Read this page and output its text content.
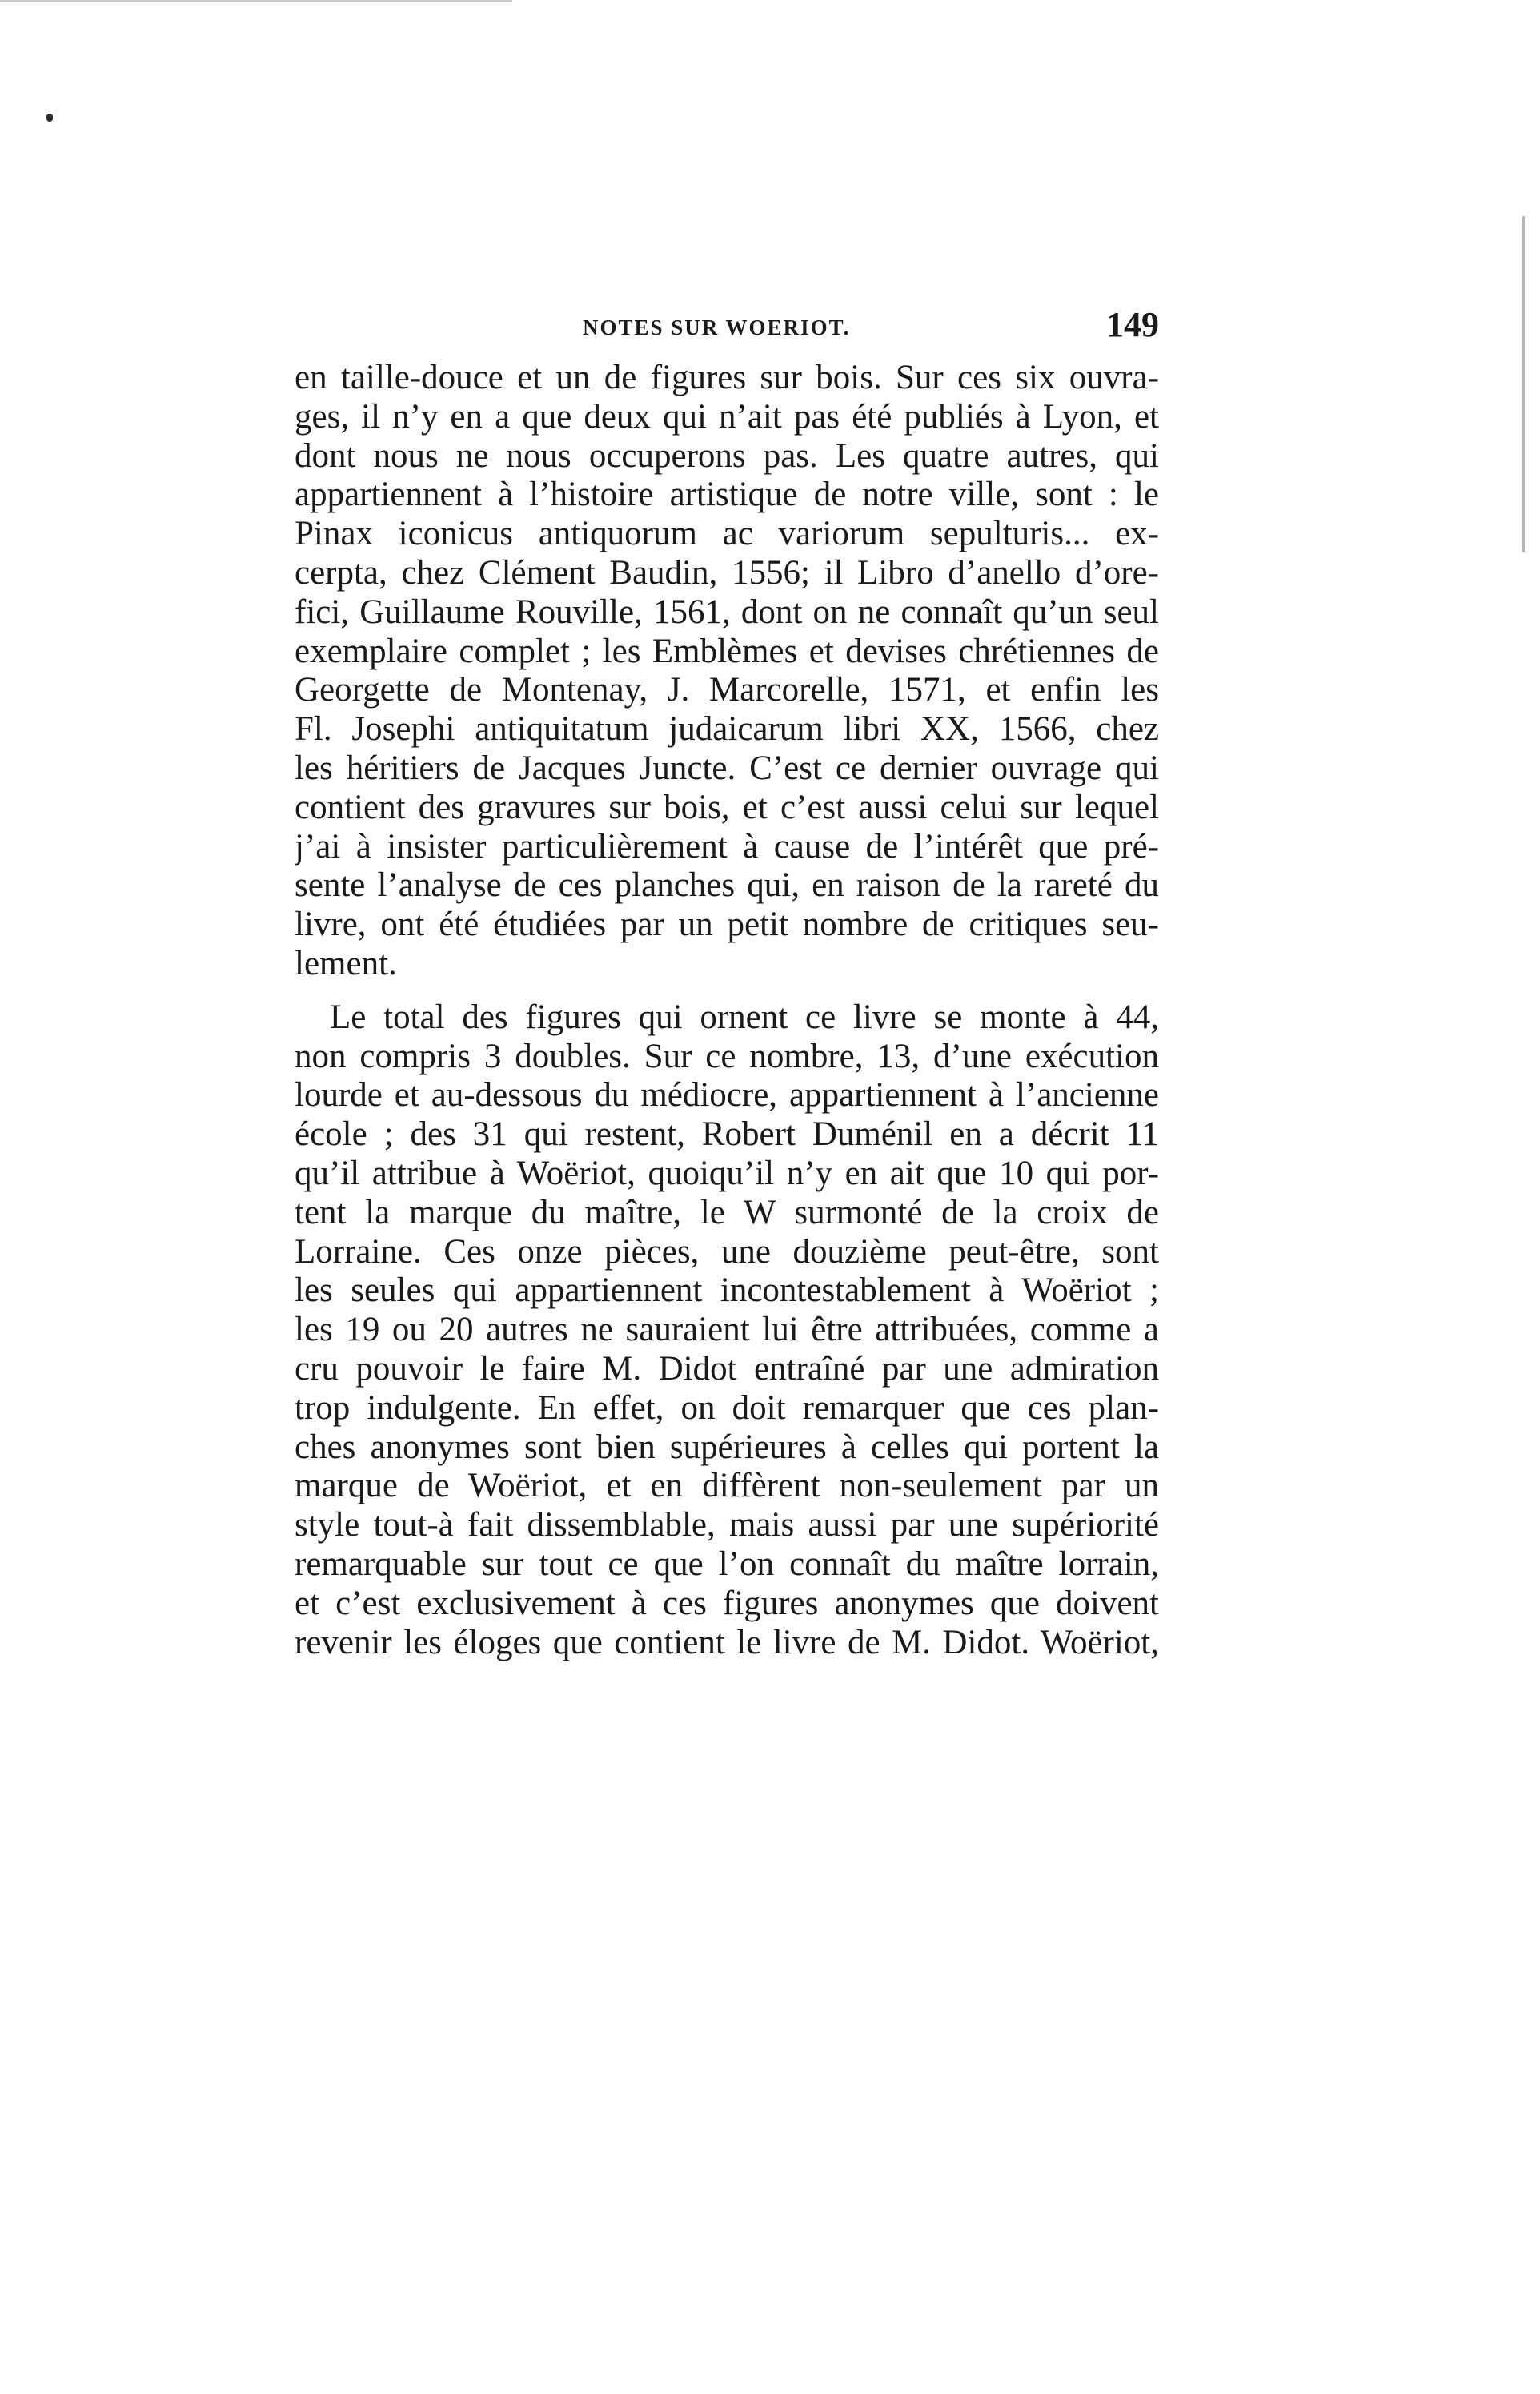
NOTES SUR WOERIOT.	149
en taille-douce et un de figures sur bois. Sur ces six ouvra-
ges, il n’y en a que deux qui n’ait pas été publiés à Lyon, et
dont nous ne nous occuperons pas. Les quatre autres, qui
appartiennent à l’histoire artistique de notre ville, sont : le
Pinax iconicus antiquorum ac variorum sepulturis... ex-
cerpta, chez Clément Baudin, 1556; il Libro d’anello d’ore-
fici, Guillaume Rouville, 1561, dont on ne connaît qu’un seul
exemplaire complet ; les Emblèmes et devises chrétiennes de
Georgette de Montenay, J. Marcorelle, 1571, et enfin les
Fl. Josephi antiquitatum judaicarum libri XX, 1566, chez
les héritiers de Jacques Juncte. C’est ce dernier ouvrage qui
contient des gravures sur bois, et c’est aussi celui sur lequel
j’ai à insister particulièrement à cause de l’intérêt que pré-
sente l’analyse de ces planches qui, en raison de la rareté du
livre, ont été étudiées par un petit nombre de critiques seu-
lement.
Le total des figures qui ornent ce livre se monte à 44,
non compris 3 doubles. Sur ce nombre, 13, d’une exécution
lourde et au-dessous du médiocre, appartiennent à l’ancienne
école ; des 31 qui restent, Robert Duménil en a décrit 11
qu’il attribue à Woëriot, quoiqu’il n’y en ait que 10 qui por-
tent la marque du maître, le W surmonté de la croix de
Lorraine. Ces onze pièces, une douzième peut-être, sont
les seules qui appartiennent incontestablement à Woëriot ;
les 19 ou 20 autres ne sauraient lui être attribuées, comme a
cru pouvoir le faire M. Didot entraîné par une admiration
trop indulgente. En effet, on doit remarquer que ces plan-
ches anonymes sont bien supérieures à celles qui portent la
marque de Woëriot, et en diffèrent non-seulement par un
style tout-à fait dissemblable, mais aussi par une supériorité
remarquable sur tout ce que l’on connaît du maître lorrain,
et c’est exclusivement à ces figures anonymes que doivent
revenir les éloges que contient le livre de M. Didot. Woëriot,
